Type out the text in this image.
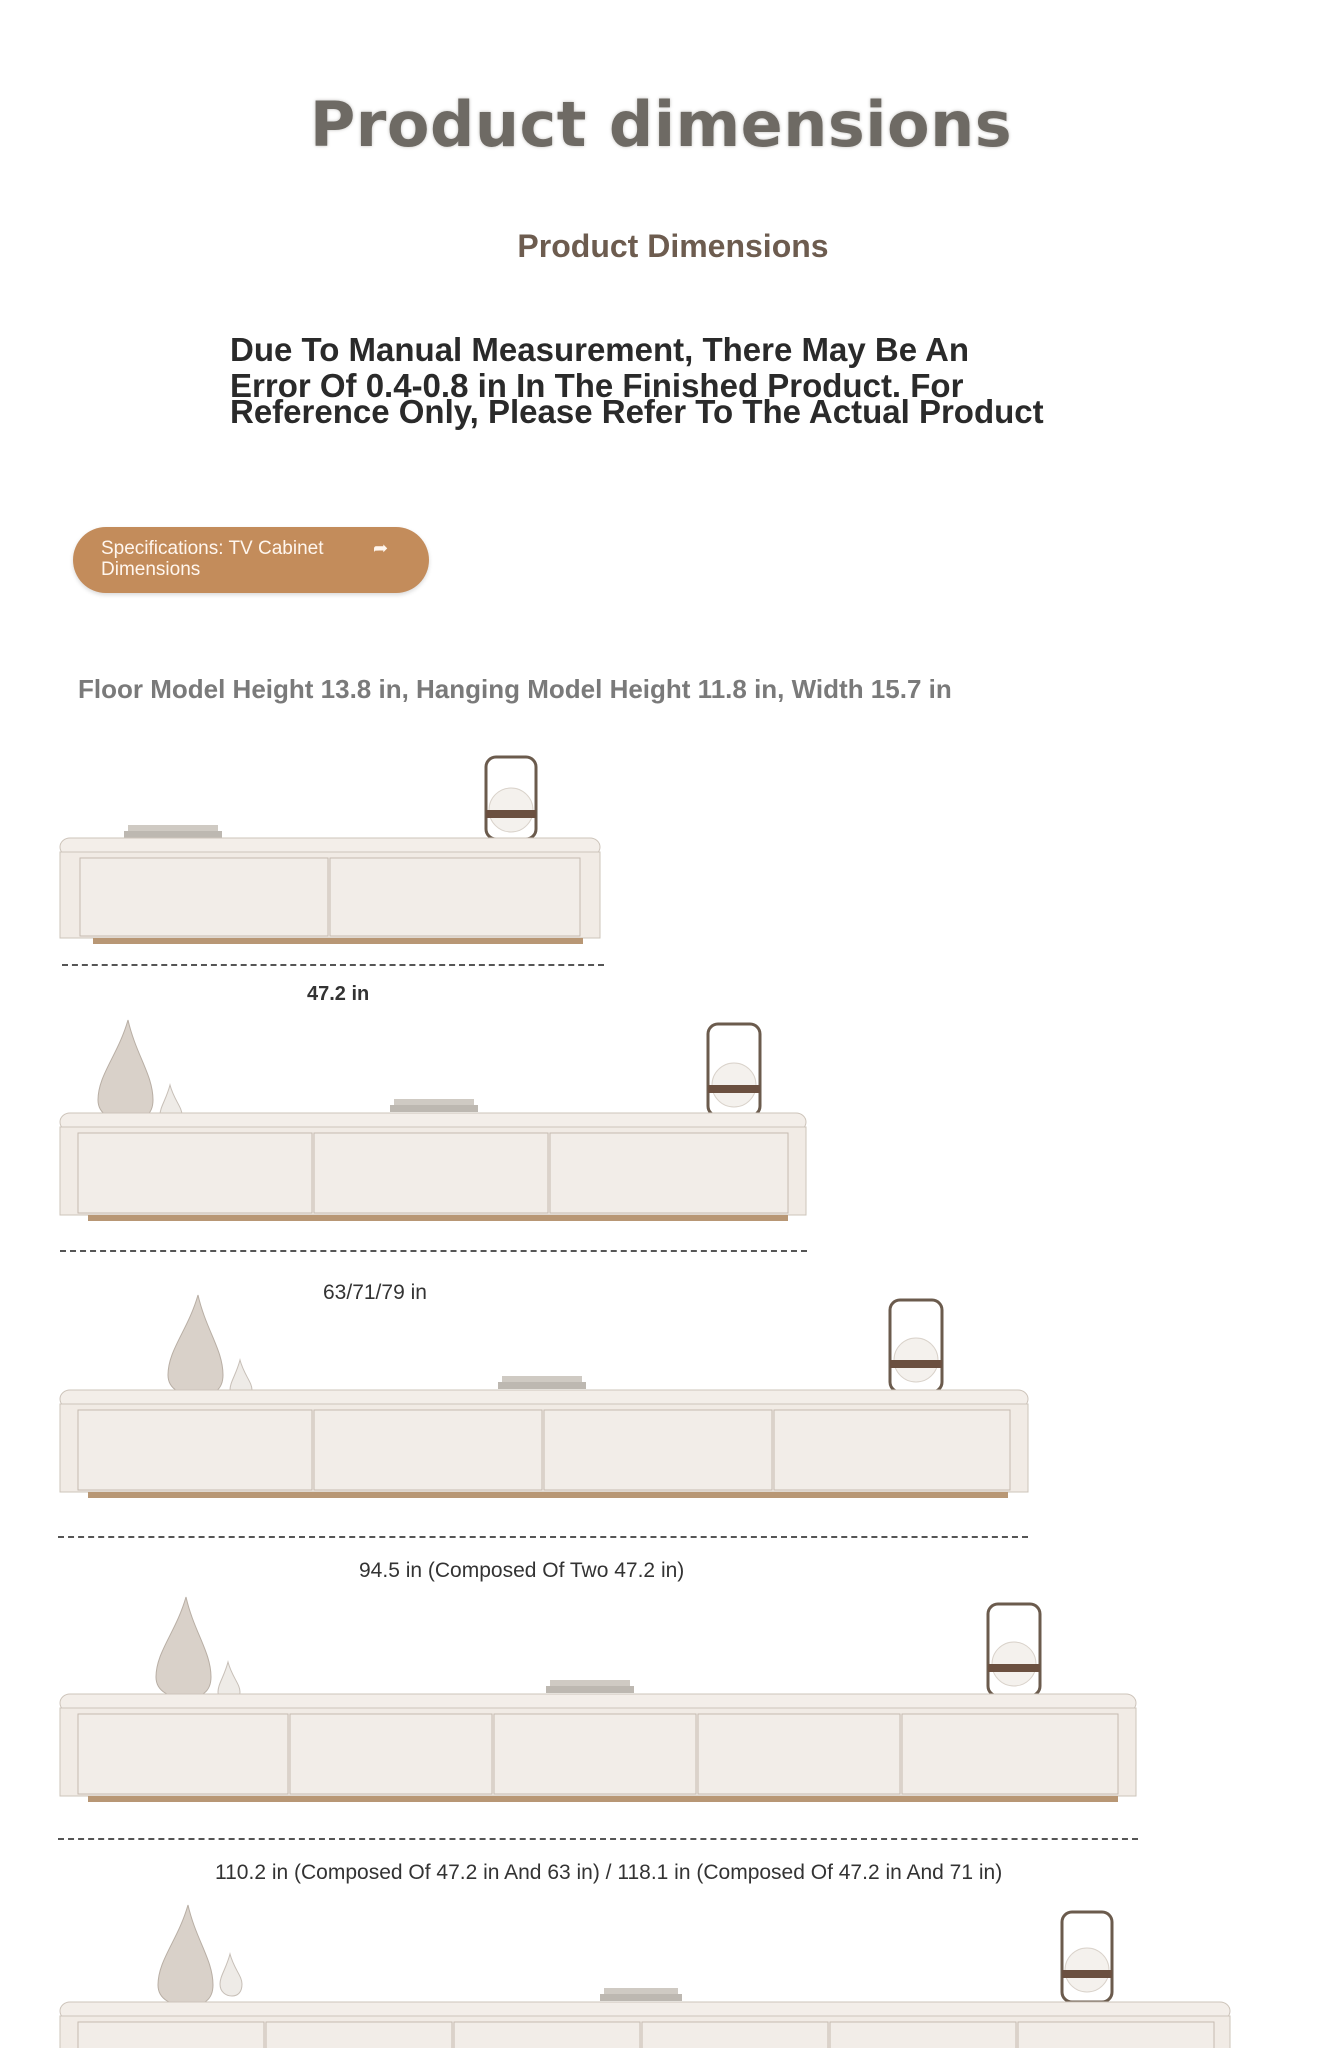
Product dimensions
Product Dimensions
Due To Manual Measurement, There May Be An
Error Of 0.4-0.8 in In The Finished Product. For
Reference Only, Please Refer To The Actual Product
Specifications: TV Cabinet
Dimensions
➦

Floor Model Height 13.8 in, Hanging Model Height 11.8 in, Width 15.7 in

47.2 in
63/71/79 in
94.5 in (Composed Of Two 47.2 in)
110.2 in (Composed Of 47.2 in And 63 in) / 118.1 in (Composed Of 47.2 in And 71 in)
